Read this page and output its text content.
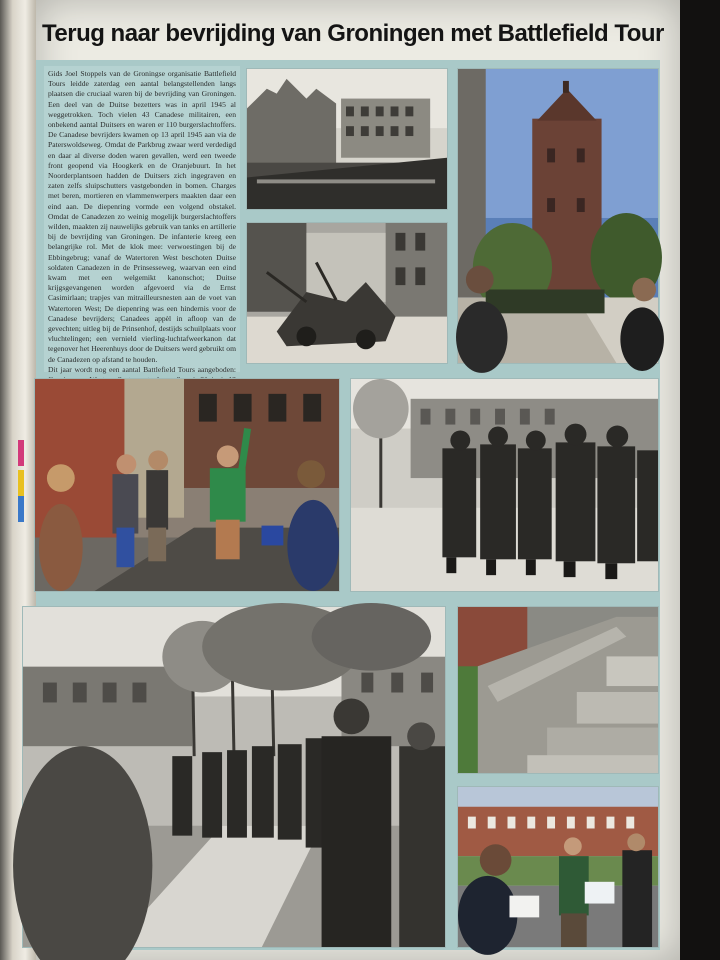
Terug naar bevrijding van Groningen met Battlefield Tour

Gids Joel Stoppels van de Groningse organisatie Battlefield Tours leidde zaterdag een aantal belangstellenden langs plaatsen die cruciaal waren bij de bevrijding van Groningen. Een deel van de Duitse bezetters was in april 1945 al weggetrokken. Toch vielen 43 Canadese militairen, een onbekend aantal Duitsers en waren er 110 burgerslachtoffers. De Canadese bevrijders kwamen op 13 april 1945 aan via de Paterswoldseweg. Omdat de Parkbrug zwaar werd verdedigd en daar al diverse doden waren gevallen, werd een tweede front geopend via Hoogkerk en de Oranjebuurt. In het Noorderplantsoen hadden de Duitsers zich ingegraven en zaten zelfs sluipschutters vastgebonden in bomen. Charges met beren, mortieren en vlammenwerpers maakten daar een eind aan. De diepenring vormde een volgend obstakel. Omdat de Canadezen zo weinig mogelijk burgerslachtoffers wilden, maakten zij nauwelijks gebruik van tanks en artillerie bij de bevrijding van Groningen. De infanterie kreeg een belangrijke rol. Met de klok mee: verwoestingen bij de Ebbingebrug; vanaf de Watertoren West beschoten Duitse soldaten Canadezen in de Prinsesseweg, waarvan een eind kwam met een welgemikt kanonschot; Duitse krijgsgevangenen worden afgevoerd via de Ernst Casimirlaan; trapjes van mitrailleursnesten aan de voet van Watertoren West; De diepenring was een hindernis voor de Canadese bevrijders; Canadees appèl in afloop van de gevechten; uitleg bij de Prinsenhof, destijds schuilplaats voor vluchtelingen; een vernield vierling-luchtafweerkanon dat tegenover het Heerenhuys door de Duitsers werd gebruikt om de Canadezen op afstand te houden.

Dit jaar wordt nog een aantal Battlefield Tours aangeboden:
